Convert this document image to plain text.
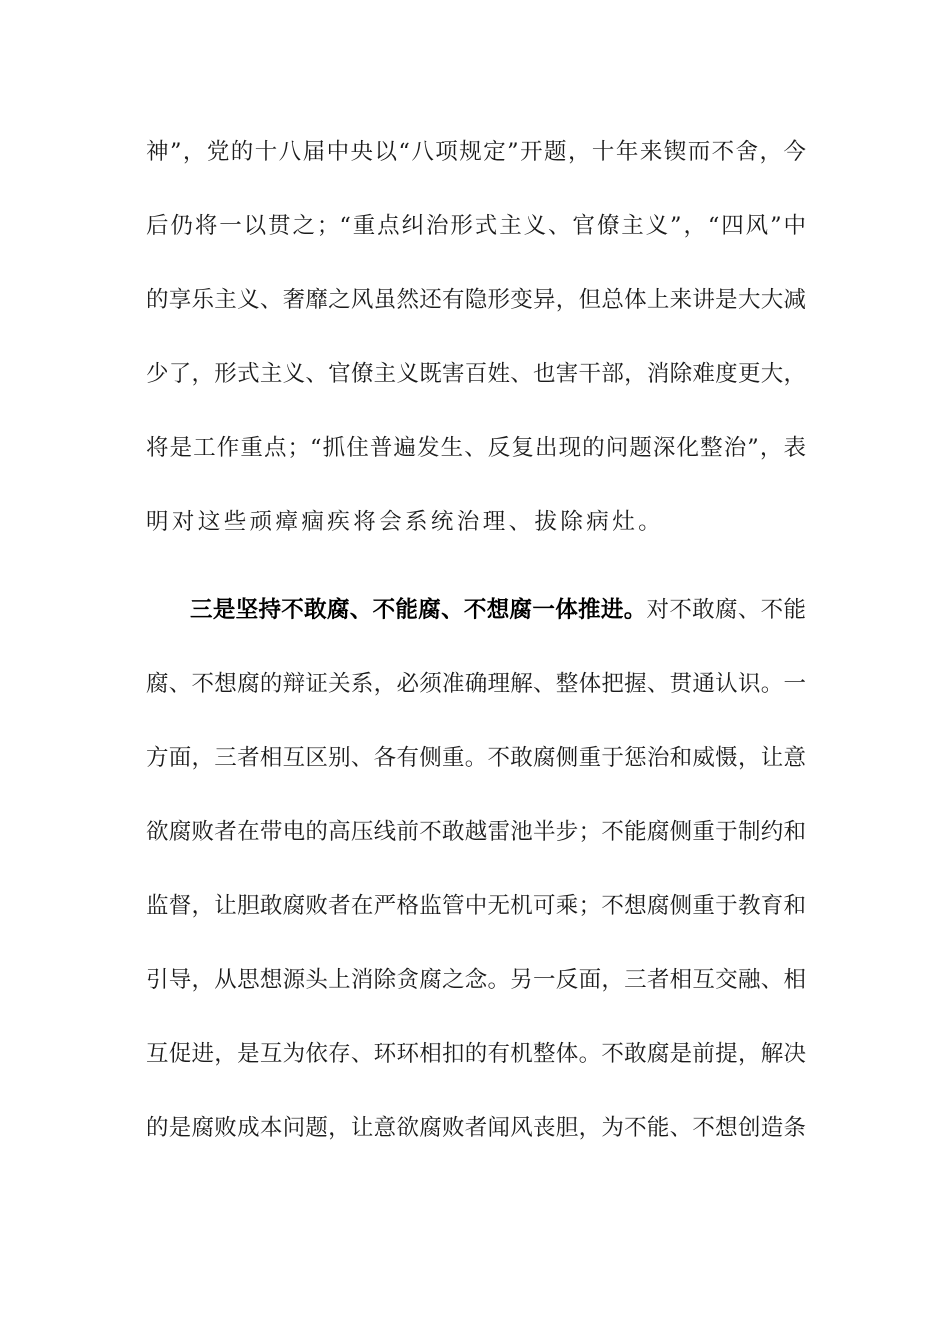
神”，党的十八届中央以“八项规定”开题，十年来锲而不舍，今
后仍将一以贯之；“重点纠治形式主义、官僚主义”，“四风”中
的享乐主义、奢靡之风虽然还有隐形变异，但总体上来讲是大大减
少了，形式主义、官僚主义既害百姓、也害干部，消除难度更大，
将是工作重点；“抓住普遍发生、反复出现的问题深化整治”，表
明对这些顽瘴痼疾将会系统治理、拔除病灶。
三是坚持不敢腐、不能腐、不想腐一体推进。对不敢腐、不能
腐、不想腐的辩证关系，必须准确理解、整体把握、贯通认识。一
方面，三者相互区别、各有侧重。不敢腐侧重于惩治和威慑，让意
欲腐败者在带电的高压线前不敢越雷池半步；不能腐侧重于制约和
监督，让胆敢腐败者在严格监管中无机可乘；不想腐侧重于教育和
引导，从思想源头上消除贪腐之念。另一反面，三者相互交融、相
互促进，是互为依存、环环相扣的有机整体。不敢腐是前提，解决
的是腐败成本问题，让意欲腐败者闻风丧胆，为不能、不想创造条
